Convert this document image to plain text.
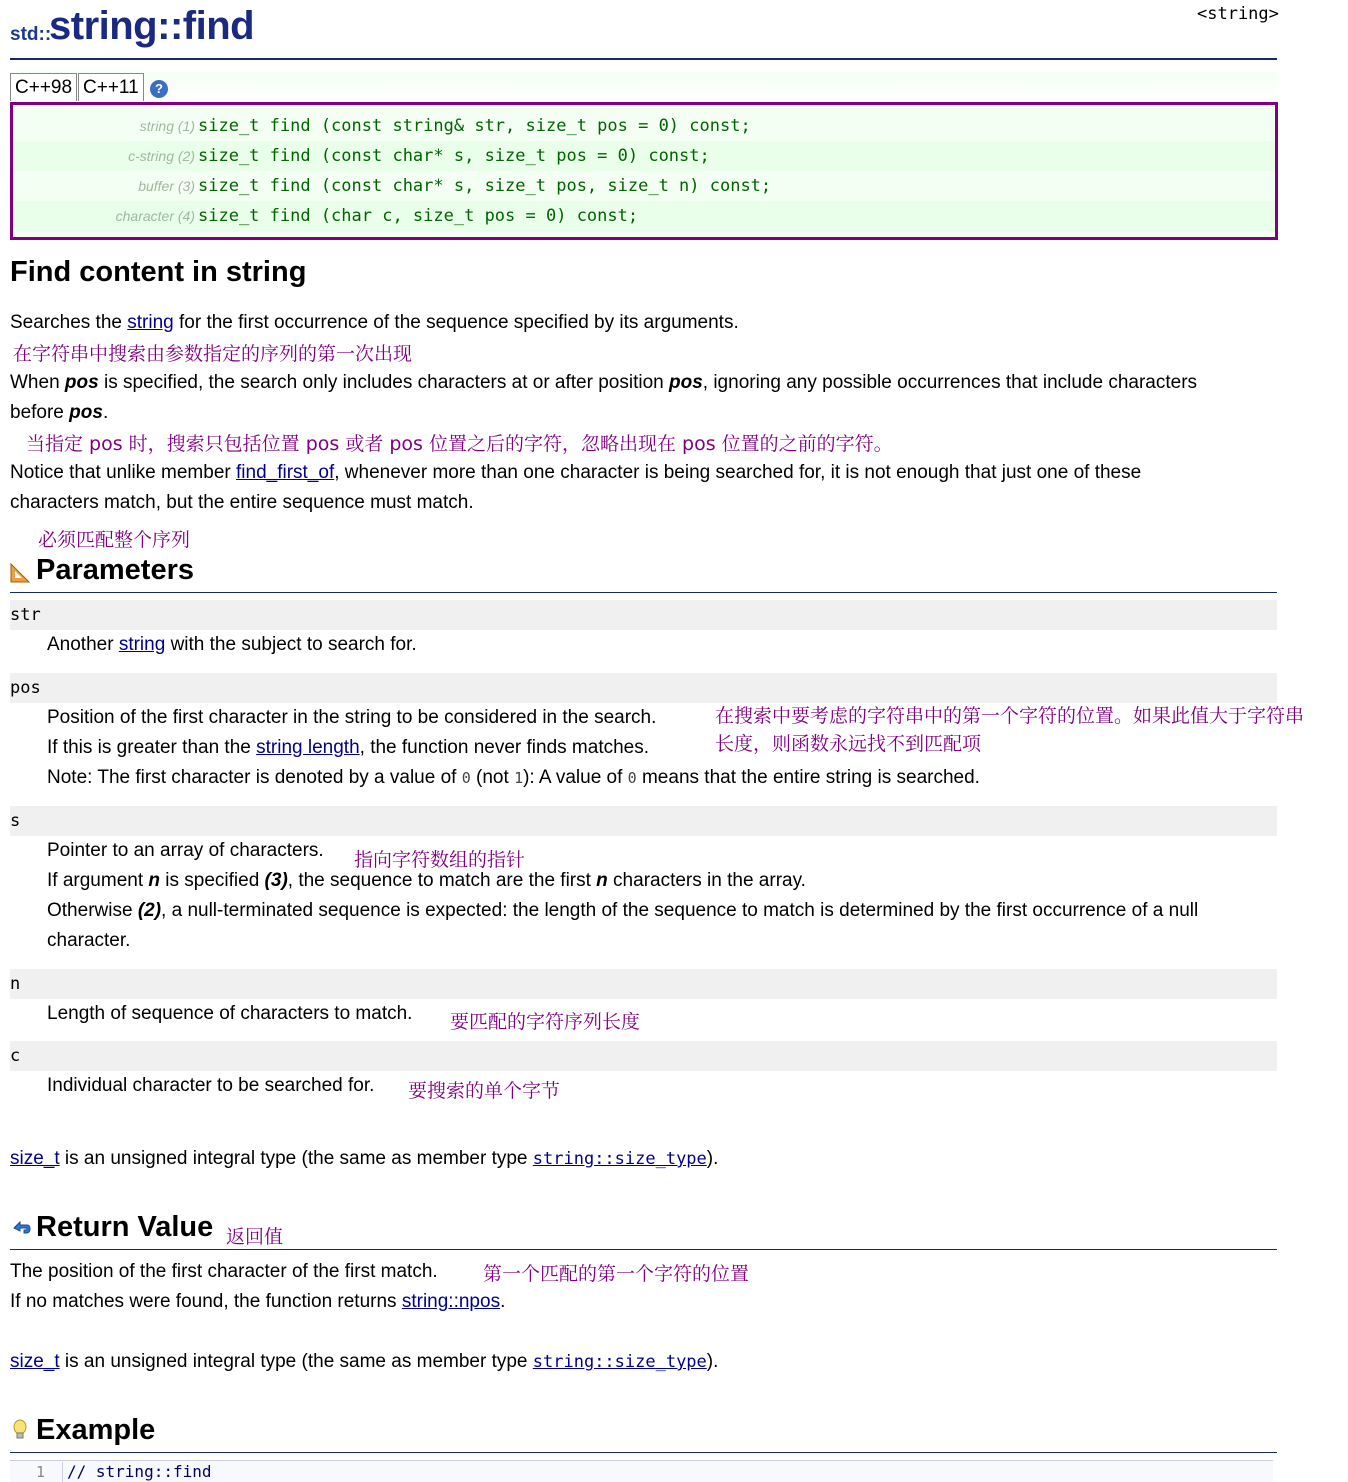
std::
string::find	<string>
C++98 C++11	?
string (1) size_t find (const string& str, size_t pos = 0) const;
c-string (2) size_t find (const char* s, size_t pos = 0) const;
buffer (3) size_t find (const char* s, size_t pos, size_t n) const;
character (4) size_t find (char c, size_t pos = 0) const;
Find content in string
Searches the string for the first occurrence of the sequence specified by its arguments.
在字符串中搜索由参数指定的序列的第一次出现
When pos is specified, the search only includes characters at or after position pos, ignoring any possible occurrences that include characters
before pos.
当指定 pos 时，搜索只包括位置 pos 或者 pos 位置之后的字符，忽略出现在 pos 位置的之前的字符。
Notice that unlike member find_first_of, whenever more than one character is being searched for, it is not enough that just one of these
characters match, but the entire sequence must match.
必须匹配整个序列
Parameters
str
Another string with the subject to search for.
pos
Position of the first character in the string to be considered in the search.
If this is greater than the string length, the function never finds matches.
Note: The first character is denoted by a value of 0 (not 1): A value of 0 means that the entire string is searched.
在搜索中要考虑的字符串中的第一个字符的位置。如果此值大于字符串
长度，则函数永远找不到匹配项
s
Pointer to an array of characters. 指向字符数组的指针
If argument n is specified (3), the sequence to match are the first n characters in the array.
Otherwise (2), a null-terminated sequence is expected: the length of the sequence to match is determined by the first occurrence of a null
character.
n
Length of sequence of characters to match. 要匹配的字符序列长度
c
Individual character to be searched for. 要搜索的单个字节
size_t is an unsigned integral type (the same as member type string::size_type).
Return Value 返回值
The position of the first character of the first match. 第一个匹配的第一个字符的位置
If no matches were found, the function returns string::npos.
size_t is an unsigned integral type (the same as member type string::size_type).
Example
1	// string::find
